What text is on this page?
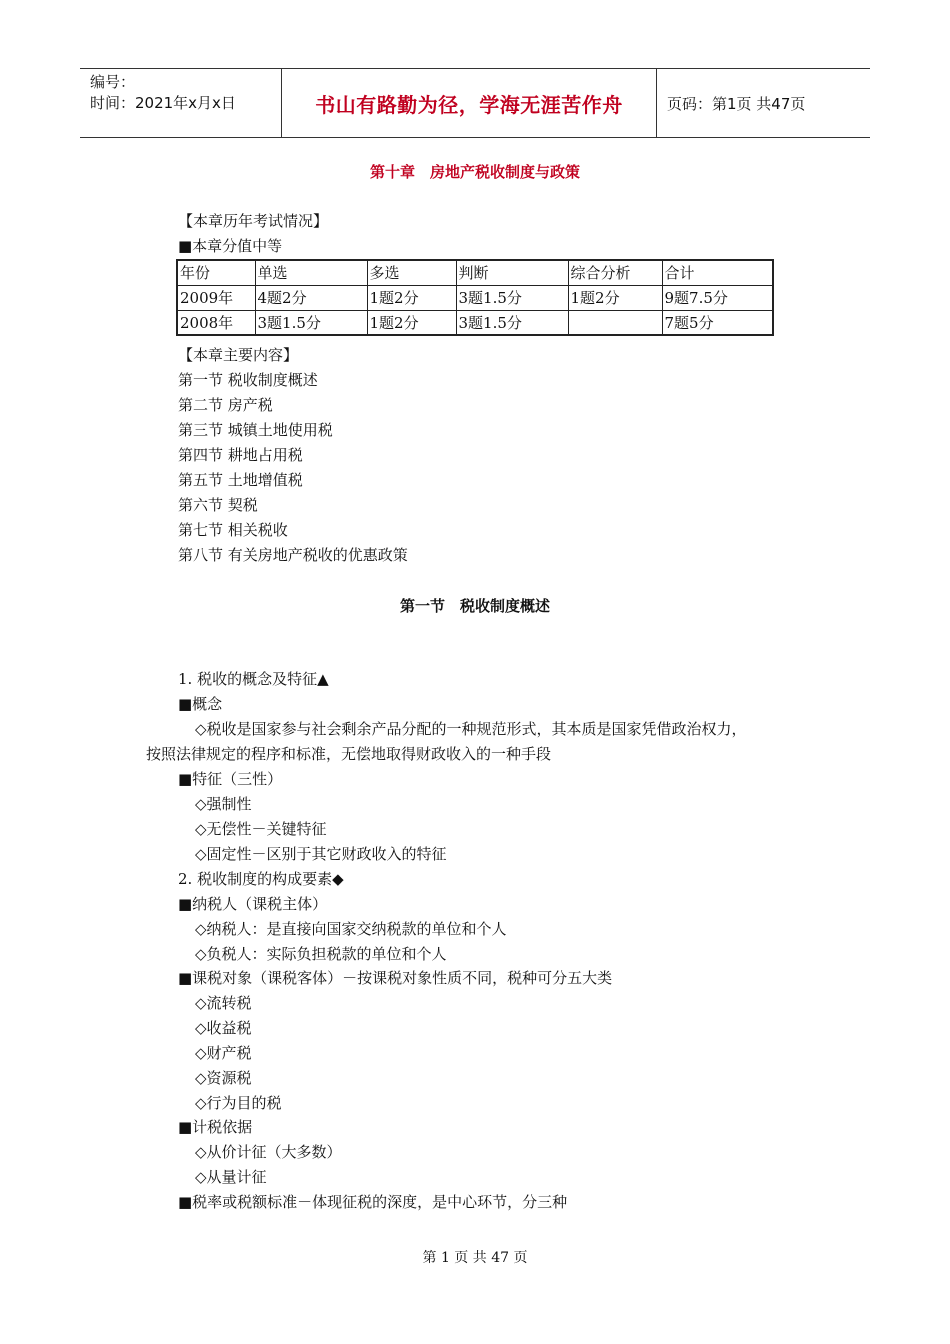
编号：
时间：2021年x月x日	书山有路勤为径，学海无涯苦作舟	页码：第1页 共47页
第十章　房地产税收制度与政策
【本章历年考试情况】
■本章分值中等
年份	单选	多选	判断	综合分析	合计
2009年	4题2分	1题2分	3题1.5分	1题2分	9题7.5分
2008年	3题1.5分	1题2分	3题1.5分		7题5分
【本章主要内容】
第一节 税收制度概述
第二节 房产税
第三节 城镇土地使用税
第四节 耕地占用税
第五节 土地增值税
第六节 契税
第七节 相关税收
第八节 有关房地产税收的优惠政策
第一节　税收制度概述
1. 税收的概念及特征▲
■概念
◇税收是国家参与社会剩余产品分配的一种规范形式，其本质是国家凭借政治权力，
按照法律规定的程序和标准，无偿地取得财政收入的一种手段
■特征（三性）
◇强制性
◇无偿性－关键特征
◇固定性－区别于其它财政收入的特征
2. 税收制度的构成要素◆
■纳税人（课税主体）
◇纳税人：是直接向国家交纳税款的单位和个人
◇负税人：实际负担税款的单位和个人
■课税对象（课税客体）－按课税对象性质不同，税种可分五大类
◇流转税
◇收益税
◇财产税
◇资源税
◇行为目的税
■计税依据
◇从价计征（大多数）
◇从量计征
■税率或税额标准－体现征税的深度，是中心环节，分三种
第 1 页 共 47 页
